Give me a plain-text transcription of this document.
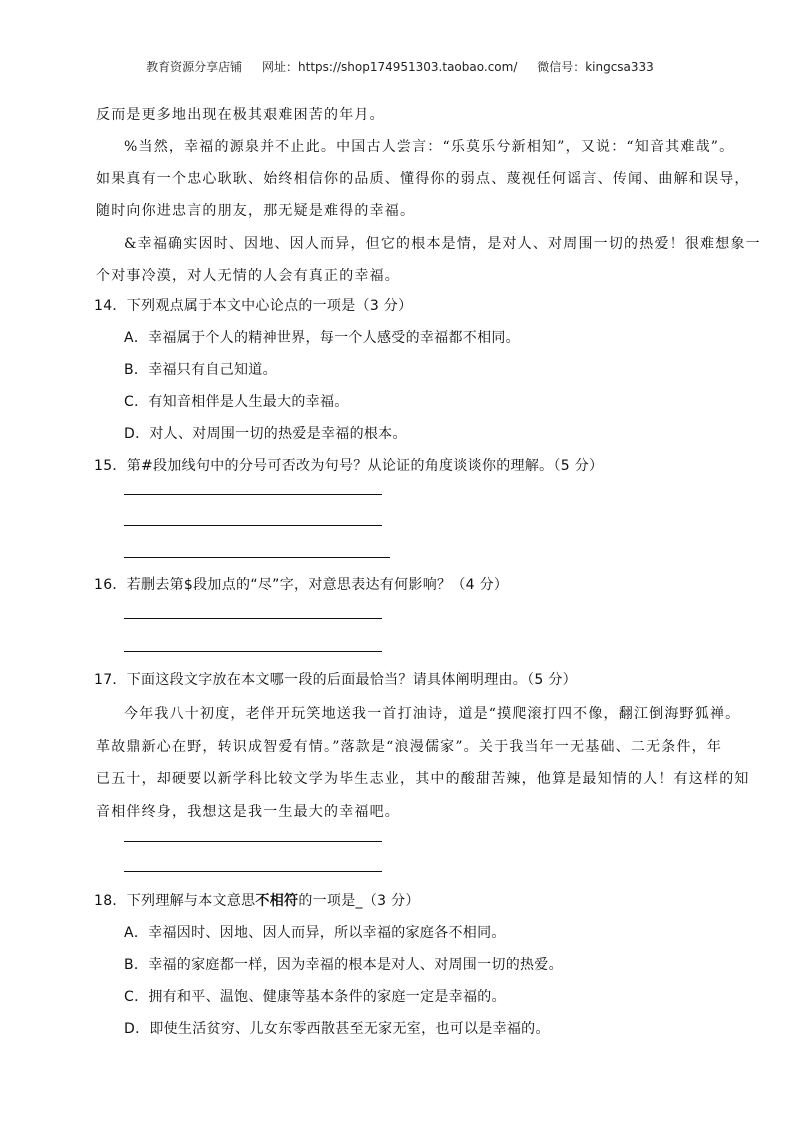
教育资源分享店铺 网址：https://shop174951303.taobao.com/ 微信号：kingcsa333
反而是更多地出现在极其艰难困苦的年月。
%当然，幸福的源泉并不止此。中国古人尝言：“乐莫乐兮新相知”，又说：“知音其难哉”。
如果真有一个忠心耿耿、始终相信你的品质、懂得你的弱点、蔑视任何谣言、传闻、曲解和误导，
随时向你进忠言的朋友，那无疑是难得的幸福。
&幸福确实因时、因地、因人而异，但它的根本是情，是对人、对周围一切的热爱！很难想象一
个对事冷漠，对人无情的人会有真正的幸福。
14．下列观点属于本文中心论点的一项是（3 分）
A．幸福属于个人的精神世界，每一个人感受的幸福都不相同。
B．幸福只有自己知道。
C．有知音相伴是人生最大的幸福。
D．对人、对周围一切的热爱是幸福的根本。
15．第#段加线句中的分号可否改为句号？从论证的角度谈谈你的理解。（5 分）
16．若删去第$段加点的“尽”字，对意思表达有何影响？（4 分）
17．下面这段文字放在本文哪一段的后面最恰当？请具体阐明理由。（5 分）
今年我八十初度，老伴开玩笑地送我一首打油诗，道是“摸爬滚打四不像，翻江倒海野狐禅。
革故鼎新心在野，转识成智爱有情。”落款是“浪漫儒家”。关于我当年一无基础、二无条件，年
已五十，却硬要以新学科比较文学为毕生志业，其中的酸甜苦辣，他算是最知情的人！有这样的知
音相伴终身，我想这是我一生最大的幸福吧。
18．下列理解与本文意思不相符的一项是_（3 分）
A．幸福因时、因地、因人而异，所以幸福的家庭各不相同。
B．幸福的家庭都一样，因为幸福的根本是对人、对周围一切的热爱。
C．拥有和平、温饱、健康等基本条件的家庭一定是幸福的。
D．即使生活贫穷、儿女东零西散甚至无家无室，也可以是幸福的。
